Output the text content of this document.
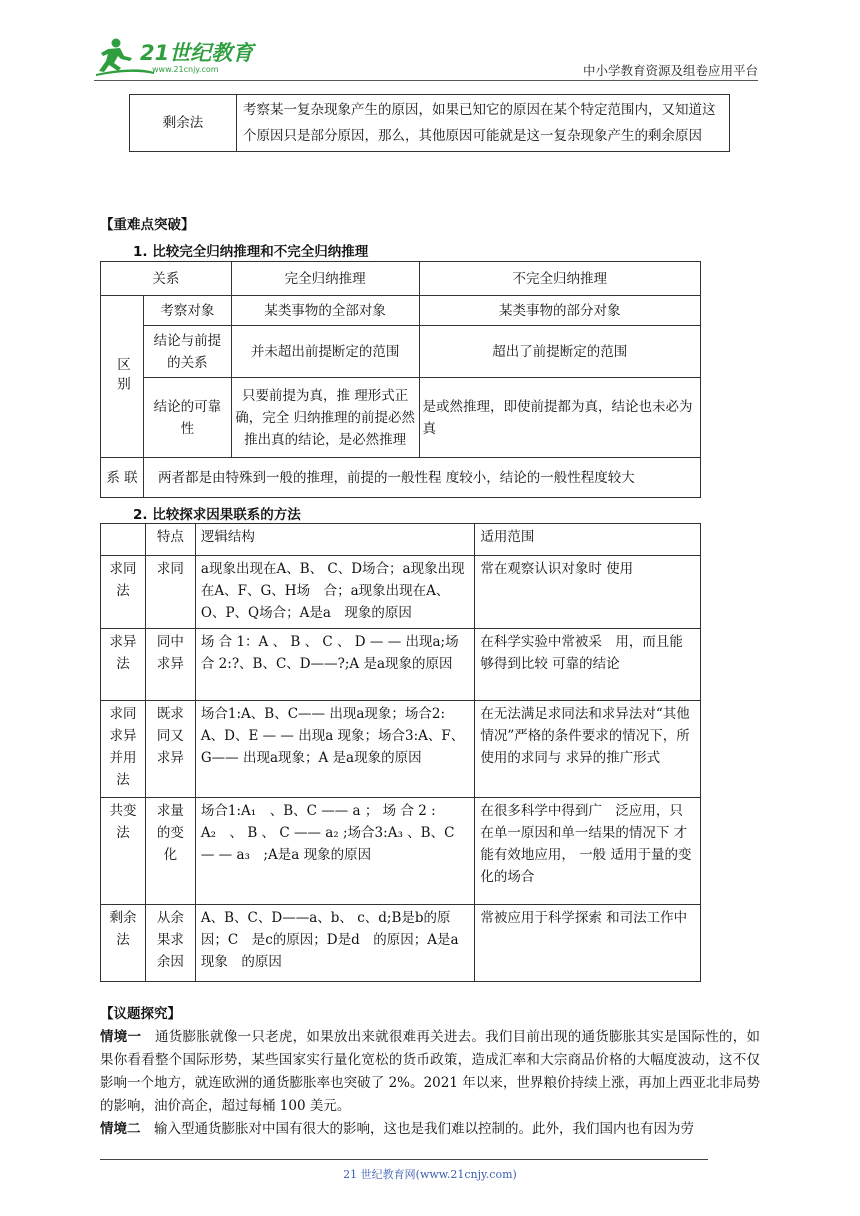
21世纪教育
www.21cnjy.com	中小学教育资源及组卷应用平台
剩余法	考察某一复杂现象产生的原因，如果已知它的原因在某个特定范围内，又知道这个原因只是部分原因，那么，其他原因可能就是这一复杂现象产生的剩余原因
【重难点突破】
1. 比较完全归纳推理和不完全归纳推理
关系		完全归纳推理	不完全归纳推理
区别	考察对象	某类事物的全部对象	某类事物的部分对象
	结论与前提的关系	并未超出前提断定的范围	超出了前提断定的范围
	结论的可靠性	只要前提为真，推 理形式正确，完全 归纳推理的前提必然推出真的结论，是必然推理	是或然推理，即使前提都为真，结论也未必为真
系 联	两者都是由特殊到一般的推理，前提的一般性程 度较小，结论的一般性程度较大		
2. 比较探求因果联系的方法
	特点	逻辑结构	适用范围
求同法	求同	a现象出现在A、B、 C、D场合；a现象出现在A、F、G、H场　合；a现象出现在A、 O、P、Q场合；A是a　现象的原因	常在观察认识对象时 使用
求异法	同中求异	场 合 1：A 、 B 、 C 、 D — — 出现a;场合 2:?、B、C、D——?;A 是a现象的原因	在科学实验中常被采　用，而且能够得到比较 可靠的结论
求同求异并用法	既求同又求异	场合1:A、B、C—— 出现a现象；场合2: A、D、E — — 出现a 现象；场合3:A、F、 G—— 出现a现象；A 是a现象的原因	在无法满足求同法和求异法对“其他情况”严格的条件要求的情况下，所使用的求同与 求异的推广形式
共变法	求量的变化	场合1:A₁　、B、C —— a ； 场 合 2 : A₂　、 B 、 C —— a₂ ;场合3:A₃ 、B、C — — a₃　;A是a 现象的原因	在很多科学中得到广　泛应用，只在单一原因和单一结果的情况下 才能有效地应用， 一般 适用于量的变化的场合
剩余法	从余果求余因	A、B、C、D——a、b、 c、d;B是b的原因；C　是c的原因；D是d　的原因；A是a现象　的原因	常被应用于科学探索 和司法工作中
【议题探究】
情境一　通货膨胀就像一只老虎，如果放出来就很难再关进去。我们目前出现的通货膨胀其实是国际性的，如果你看看整个国际形势，某些国家实行量化宽松的货币政策，造成汇率和大宗商品价格的大幅度波动，这不仅影响一个地方，就连欧洲的通货膨胀率也突破了 2%。2021 年以来，世界粮价持续上涨，再加上西亚北非局势的影响，油价高企，超过每桶 100 美元。
情境二　输入型通货膨胀对中国有很大的影响，这也是我们难以控制的。此外，我们国内也有因为劳
21 世纪教育网(www.21cnjy.com)
